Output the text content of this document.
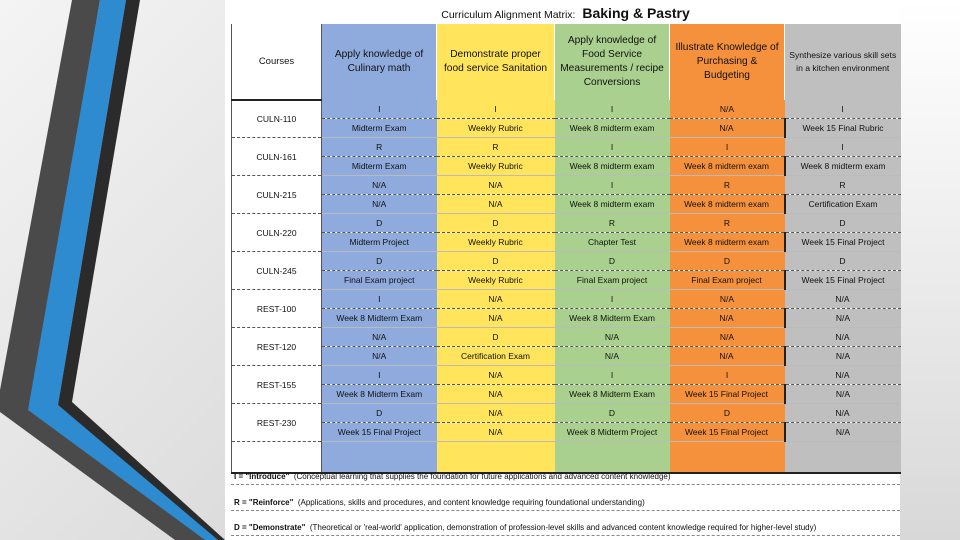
Curriculum Alignment Matrix: Baking & Pastry
Courses	Apply knowledge of Culinary math	Demonstrate proper food service Sanitation	Apply knowledge of Food Service Measurements / recipe Conversions	Illustrate Knowledge of Purchasing & Budgeting	Synthesize various skill sets in a kitchen environment
CULN-110	I	I	I	N/A	I
	Midterm Exam	Weekly Rubric	Week 8 midterm exam	N/A	Week 15 Final Rubric
CULN-161	R	R	I	I	I
	Midterm Exam	Weekly Rubric	Week 8 midterm exam	Week 8 midterm exam	Week 8 midterm exam
CULN-215	N/A	N/A	I	R	R
	N/A	N/A	Week 8 midterm exam	Week 8 midterm exam	Certification Exam
CULN-220	D	D	R	R	D
	Midterm Project	Weekly Rubric	Chapter Test	Week 8 midterm exam	Week 15 Final Project
CULN-245	D	D	D	D	D
	Final Exam project	Weekly Rubric	Final Exam project	Final Exam project	Week 15 Final Project
REST-100	I	N/A	I	N/A	N/A
	Week 8 Midterm Exam	N/A	Week 8 Midterm Exam	N/A	N/A
REST-120	N/A	D	N/A	N/A	N/A
	N/A	Certification Exam	N/A	N/A	N/A
REST-155	I	N/A	I	I	N/A
	Week 8 Midterm Exam	N/A	Week 8 Midterm Exam	Week 15 Final Project	N/A
REST-230	D	N/A	D	D	N/A
	Week 15 Final Project	N/A	Week 8 Midterm Project	Week 15 Final Project	N/A

I = "Introduce" (Conceptual learning that supplies the foundation for future applications and advanced content knowledge)
R = "Reinforce" (Applications, skills and procedures, and content knowledge requiring foundational understanding)
D = "Demonstrate" (Theoretical or 'real-world' application, demonstration of profession-level skills and advanced content knowledge required for higher-level study)
